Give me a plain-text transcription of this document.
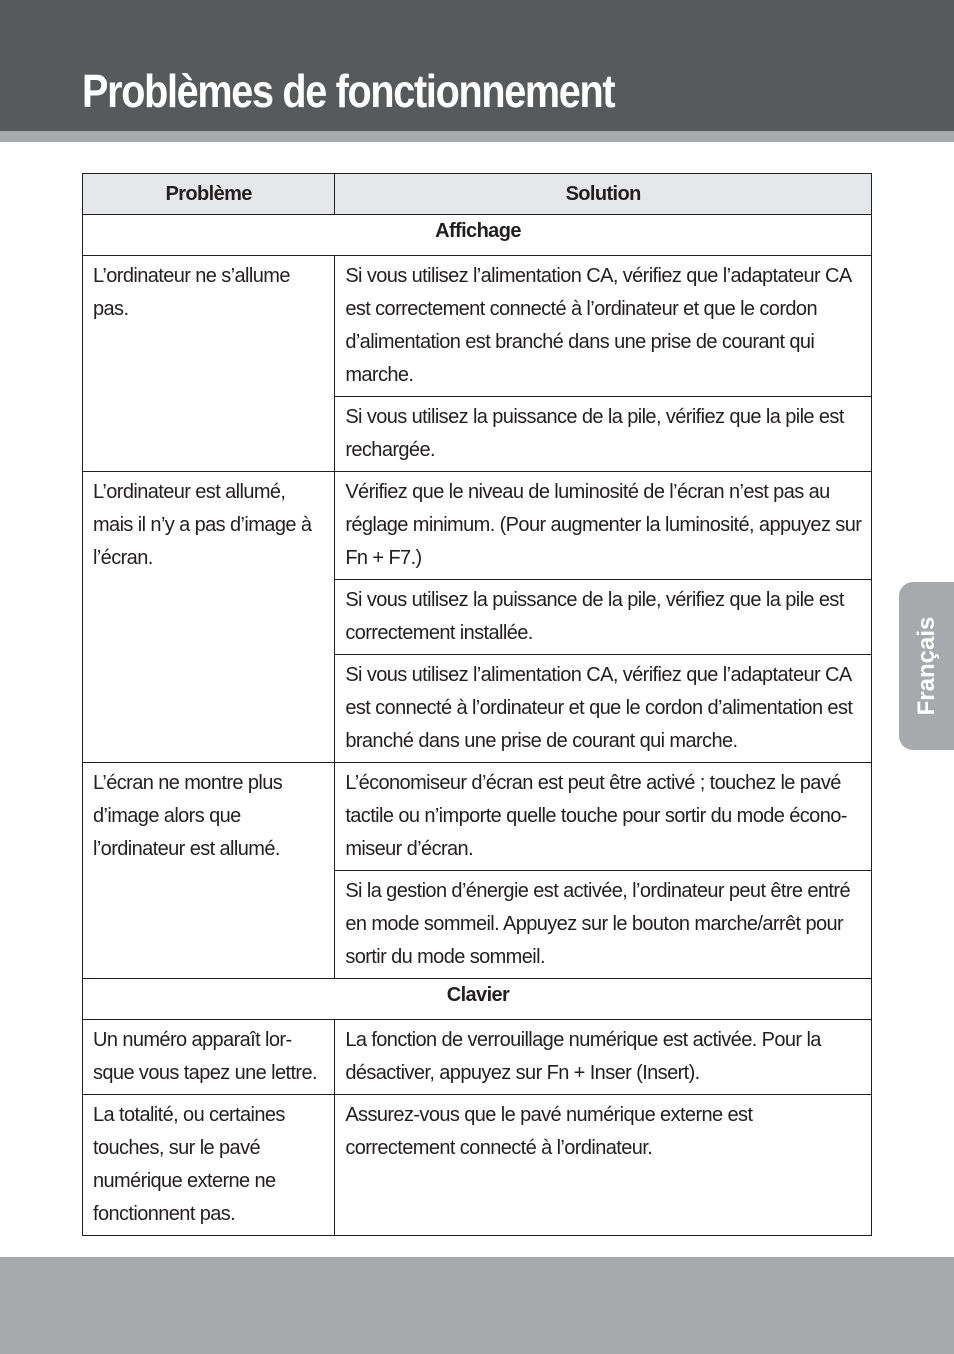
Problèmes de fonctionnement
Français
Problème	Solution
Affichage	
L’ordinateur ne s’allume pas.	Si vous utilisez l’alimentation CA, vérifiez que l’adaptateur CA est correctement connecté à l’ordinateur et que le cordon d’alimentation est branché dans une prise de courant qui marche.
	Si vous utilisez la puissance de la pile, vérifiez que la pile est rechargée.
L’ordinateur est allumé, mais il n’y a pas d’image à l’écran.	Vérifiez que le niveau de luminosité de l’écran n’est pas au réglage minimum. (Pour augmenter la luminosité, appuyez sur Fn + F7.)
	Si vous utilisez la puissance de la pile, vérifiez que la pile est correctement installée.
	Si vous utilisez l’alimentation CA, vérifiez que l’adaptateur CA est connecté à l’ordinateur et que le cordon d’alimentation est branché dans une prise de courant qui marche.
L’écran ne montre plus d’image alors que l’ordinateur est allumé.	L’économiseur d’écran est peut être activé ; touchez le pavé tactile ou n’importe quelle touche pour sortir du mode écono-miseur d’écran.
	Si la gestion d’énergie est activée, l’ordinateur peut être entré en mode sommeil. Appuyez sur le bouton marche/arrêt pour sortir du mode sommeil.
Clavier	
Un numéro apparaît lor-sque vous tapez une lettre.	La fonction de verrouillage numérique est activée. Pour la désactiver, appuyez sur Fn + Inser (Insert).
La totalité, ou certaines touches, sur le pavé numérique externe ne fonctionnent pas.	Assurez-vous que le pavé numérique externe est correctement connecté à l’ordinateur.
